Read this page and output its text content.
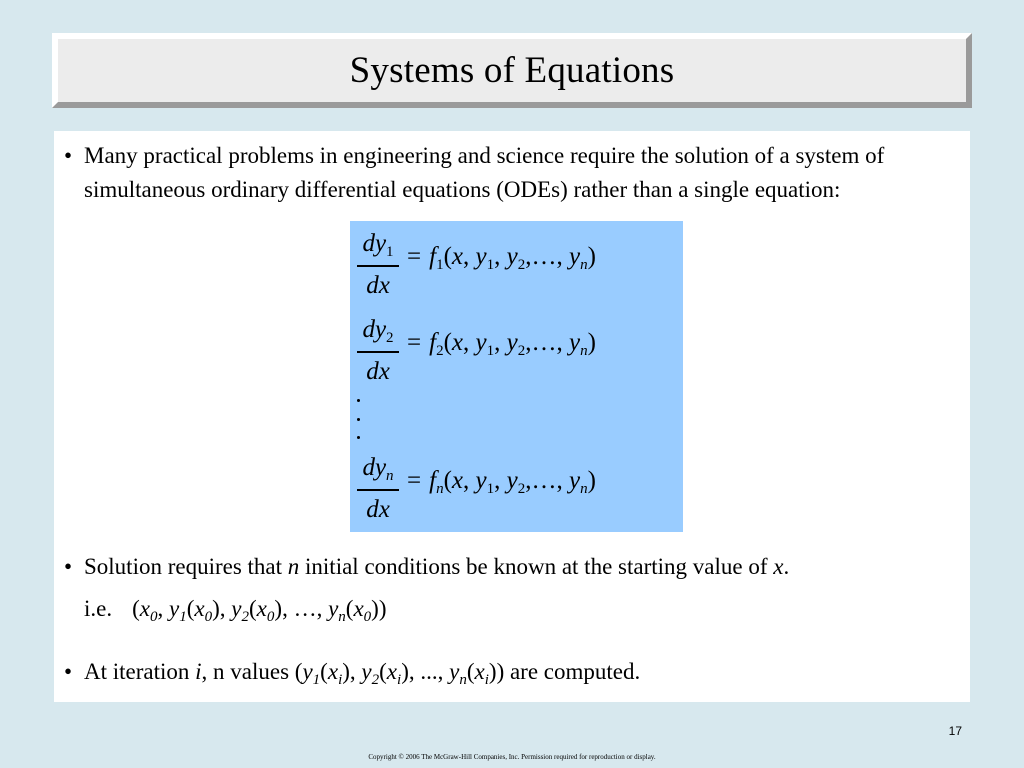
Systems of Equations
• Many practical problems in engineering and science require the solution of a system of simultaneous ordinary differential equations (ODEs) rather than a single equation:
$dy_1$
dx
= $f_1(x$, $y_1$, $y_2,\dots$, $y_n$)
$dy_2$
dx
= $f_2(x$, $y_1$, $y_2,\dots$, $y_n$)
$dy_n$
dx
= $f_n(x$, $y_1$, $y_2,\dots$, $y_n$)
• Solution requires that n initial conditions be known at the starting value of x.
i.e. ($x_0$, $y_1(x_0)$, $y_2(x_0)$, …, $y_n(x_0)$)
• At iteration i, n values ($y_1(x_i)$, $y_2(x_i)$, ..., $y_n(x_i)$) are computed.
17
Copyright © 2006 The McGraw-Hill Companies, Inc. Permission required for reproduction or display.
